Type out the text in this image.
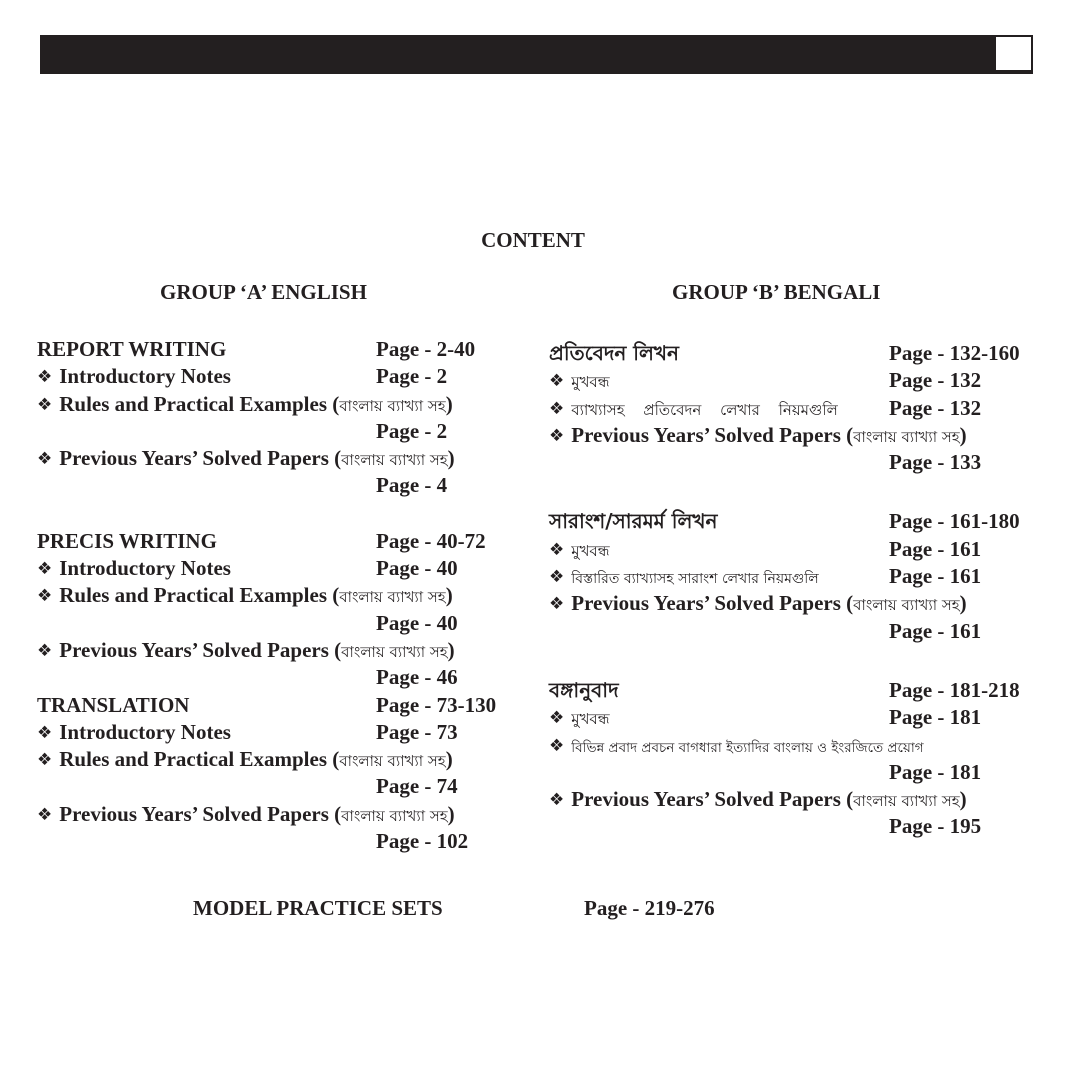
CONTENT
GROUP ‘A’ ENGLISH	GROUP ‘B’ BENGALI
REPORT WRITING	Page - 2-40
❖ Introductory Notes	Page - 2
❖ Rules and Practical Examples (বাংলায় ব্যাখ্যা সহ)
Page - 2
❖ Previous Years’ Solved Papers (বাংলায় ব্যাখ্যা সহ)
Page - 4
PRECIS WRITING	Page - 40-72
❖ Introductory Notes	Page - 40
❖ Rules and Practical Examples (বাংলায় ব্যাখ্যা সহ)
Page - 40
❖ Previous Years’ Solved Papers (বাংলায় ব্যাখ্যা সহ)
Page - 46
TRANSLATION	Page - 73-130
❖ Introductory Notes	Page - 73
❖ Rules and Practical Examples (বাংলায় ব্যাখ্যা সহ)
Page - 74
❖ Previous Years’ Solved Papers (বাংলায় ব্যাখ্যা সহ)
Page - 102
প্রতিবেদন লিখন	Page - 132-160
❖ মুখবন্ধ	Page - 132
❖ ব্যাখ্যাসহ প্রতিবেদন লেখার নিয়মগুলি Page - 132
❖ Previous Years’ Solved Papers (বাংলায় ব্যাখ্যা সহ)
Page - 133
সারাংশ/সারমর্ম লিখন	Page - 161-180
❖ মুখবন্ধ	Page - 161
❖ বিস্তারিত ব্যাখ্যাসহ সারাংশ লেখার নিয়মগুলি	Page - 161
❖ Previous Years’ Solved Papers (বাংলায় ব্যাখ্যা সহ)
Page - 161
বঙ্গানুবাদ	Page - 181-218
❖ মুখবন্ধ	Page - 181
❖ বিভিন্ন প্রবাদ প্রবচন বাগধারা ইত্যাদির বাংলায় ও ইংরজিতে প্রয়োগ
Page - 181
❖ Previous Years’ Solved Papers (বাংলায় ব্যাখ্যা সহ)
Page - 195
MODEL PRACTICE SETS	Page - 219-276
